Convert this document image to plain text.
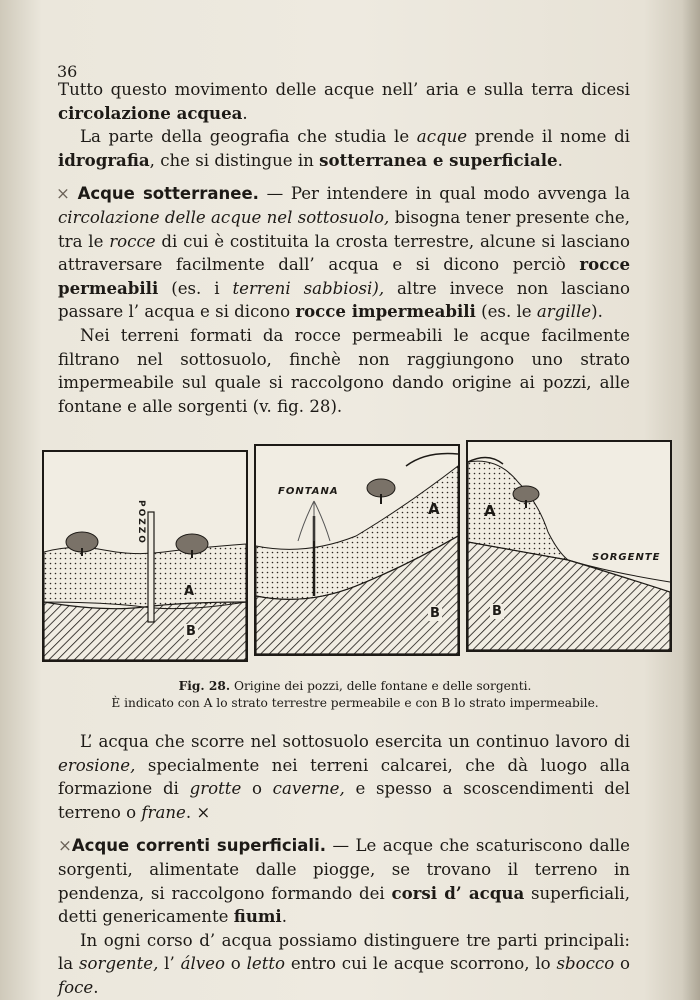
36

Tutto questo movimento delle acque nell’ aria e sulla terra dicesi circolazione acquea.

La parte della geografia che studia le acque prende il nome di idrografia, che si distingue in sotterranea e superficiale.

× Acque sotterranee. — Per intendere in qual modo avvenga la circolazione delle acque nel sottosuolo, bisogna tener presente che, tra le rocce di cui è costituita la crosta terrestre, alcune si lasciano attraversare facilmente dall’ acqua e si dicono perciò rocce permeabili (es. i terreni sabbiosi), altre invece non lasciano passare l’ acqua e si dicono rocce impermeabili (es. le argille).

Nei terreni formati da rocce permeabili le acque facilmente filtrano nel sottosuolo, finchè non raggiungono uno strato impermeabile sul quale si raccolgono dando origine ai pozzi, alle fontane e alle sorgenti (v. fig. 28).

POZZO
A
B
FONTANA
A
B
SORGENTE
A
B
Fig. 28. Origine dei pozzi, delle fontane e delle sorgenti.
È indicato con A lo strato terrestre permeabile e con B lo strato impermeabile.

L’ acqua che scorre nel sottosuolo esercita un continuo lavoro di erosione, specialmente nei terreni calcarei, che dà luogo alla formazione di grotte o caverne, e spesso a scoscendimenti del terreno o frane. ×

×Acque correnti superficiali. — Le acque che scaturiscono dalle sorgenti, alimentate dalle piogge, se trovano il terreno in pendenza, si raccolgono formando dei corsi d’ acqua superficiali, detti genericamente fiumi.

In ogni corso d’ acqua possiamo distinguere tre parti principali: la sorgente, l’ álveo o letto entro cui le acque scorrono, lo sbocco o foce.
